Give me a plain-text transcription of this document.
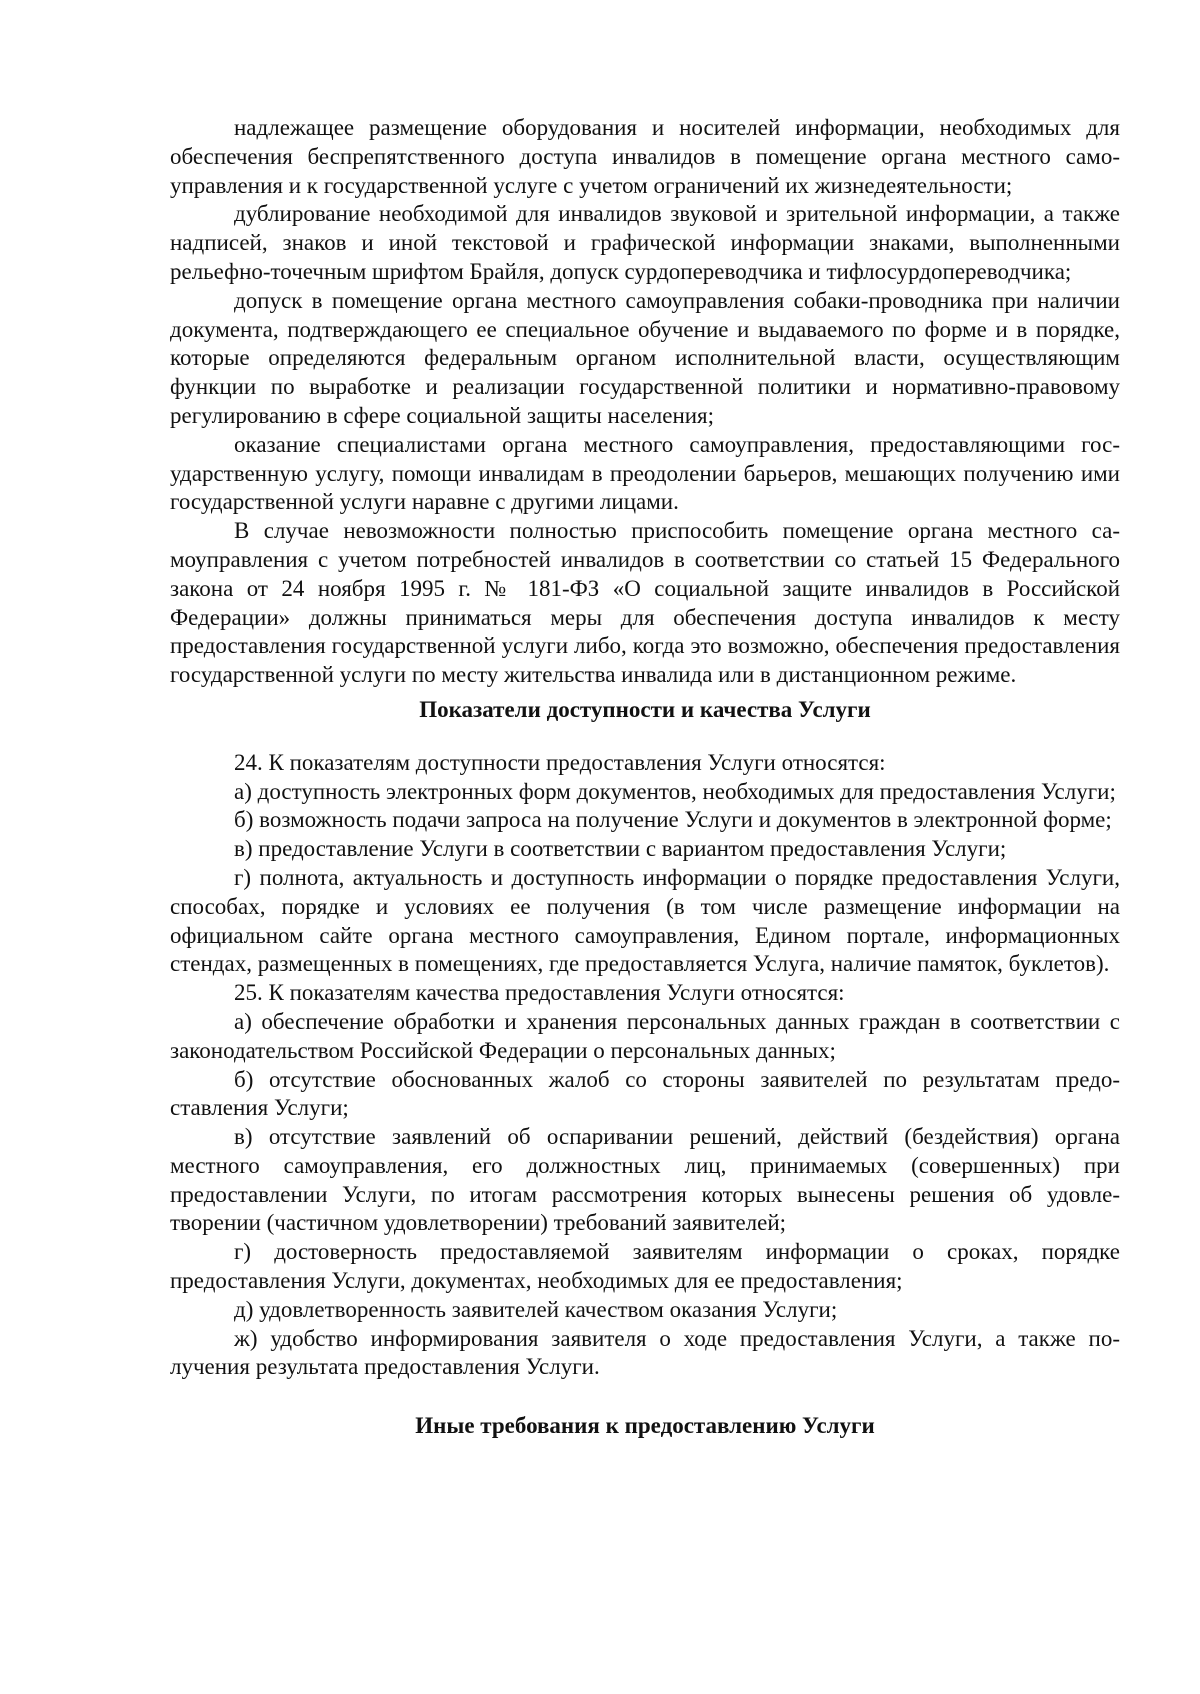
надлежащее размещение оборудования и носителей информации, необходимых для обеспечения беспрепятственного доступа инвалидов в помещение органа местного самоуправления и к государственной услуге с учетом ограничений их жизнедеятельности;

дублирование необходимой для инвалидов звуковой и зрительной информации, а также надписей, знаков и иной текстовой и графической информации знаками, выполненными рельефно-точечным шрифтом Брайля, допуск сурдопереводчика и тифлосурдопереводчика;

допуск в помещение органа местного самоуправления собаки-проводника при наличии документа, подтверждающего ее специальное обучение и выдаваемого по форме и в порядке, которые определяются федеральным органом исполнительной власти, осуществляющим функции по выработке и реализации государственной политики и нормативно-правовому регулированию в сфере социальной защиты населения;

оказание специалистами органа местного самоуправления, предоставляющими государственную услугу, помощи инвалидам в преодолении барьеров, мешающих получению ими государственной услуги наравне с другими лицами.

В случае невозможности полностью приспособить помещение органа местного самоуправления с учетом потребностей инвалидов в соответствии со статьей 15 Федерального закона от 24 ноября 1995 г. № 181-ФЗ «О социальной защите инвалидов в Российской Федерации» должны приниматься меры для обеспечения доступа инвалидов к месту предоставления государственной услуги либо, когда это возможно, обеспечения предоставления государственной услуги по месту жительства инвалида или в дистанционном режиме.

Показатели доступности и качества Услуги

24. К показателям доступности предоставления Услуги относятся:

а) доступность электронных форм документов, необходимых для предоставления Услуги;

б) возможность подачи запроса на получение Услуги и документов в электронной форме;

в) предоставление Услуги в соответствии с вариантом предоставления Услуги;

г) полнота, актуальность и доступность информации о порядке предоставления Услуги, способах, порядке и условиях ее получения (в том числе размещение информации на официальном сайте органа местного самоуправления, Едином портале, информационных стендах, размещенных в помещениях, где предоставляется Услуга, наличие памяток, буклетов).

25. К показателям качества предоставления Услуги относятся:

а) обеспечение обработки и хранения персональных данных граждан в соответствии с законодательством Российской Федерации о персональных данных;

б) отсутствие обоснованных жалоб со стороны заявителей по результатам предоставления Услуги;

в) отсутствие заявлений об оспаривании решений, действий (бездействия) органа местного самоуправления, его должностных лиц, принимаемых (совершенных) при предоставлении Услуги, по итогам рассмотрения которых вынесены решения об удовлетворении (частичном удовлетворении) требований заявителей;

г) достоверность предоставляемой заявителям информации о сроках, порядке предоставления Услуги, документах, необходимых для ее предоставления;

д) удовлетворенность заявителей качеством оказания Услуги;

ж) удобство информирования заявителя о ходе предоставления Услуги, а также получения результата предоставления Услуги.

Иные требования к предоставлению Услуги
